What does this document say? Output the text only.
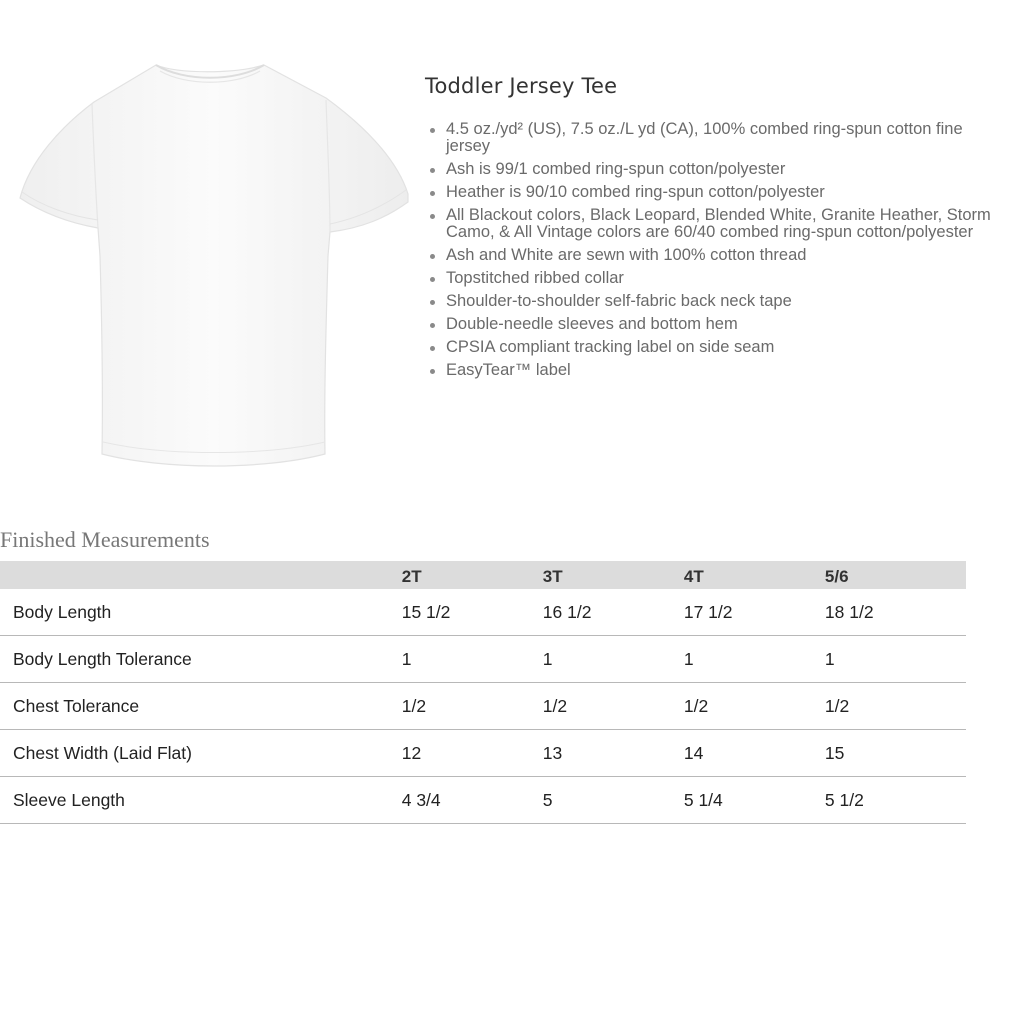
Toddler Jersey Tee
4.5 oz./yd² (US), 7.5 oz./L yd (CA), 100% combed ring-spun cotton fine jersey
Ash is 99/1 combed ring-spun cotton/polyester
Heather is 90/10 combed ring-spun cotton/polyester
All Blackout colors, Black Leopard, Blended White, Granite Heather, Storm Camo, & All Vintage colors are 60/40 combed ring-spun cotton/polyester
Ash and White are sewn with 100% cotton thread
Topstitched ribbed collar
Shoulder-to-shoulder self-fabric back neck tape
Double-needle sleeves and bottom hem
CPSIA compliant tracking label on side seam
EasyTear™ label
Finished Measurements
	2T	3T	4T	5/6
Body Length	15 1/2	16 1/2	17 1/2	18 1/2
Body Length Tolerance	1	1	1	1
Chest Tolerance	1/2	1/2	1/2	1/2
Chest Width (Laid Flat)	12	13	14	15
Sleeve Length	4 3/4	5	5 1/4	5 1/2
